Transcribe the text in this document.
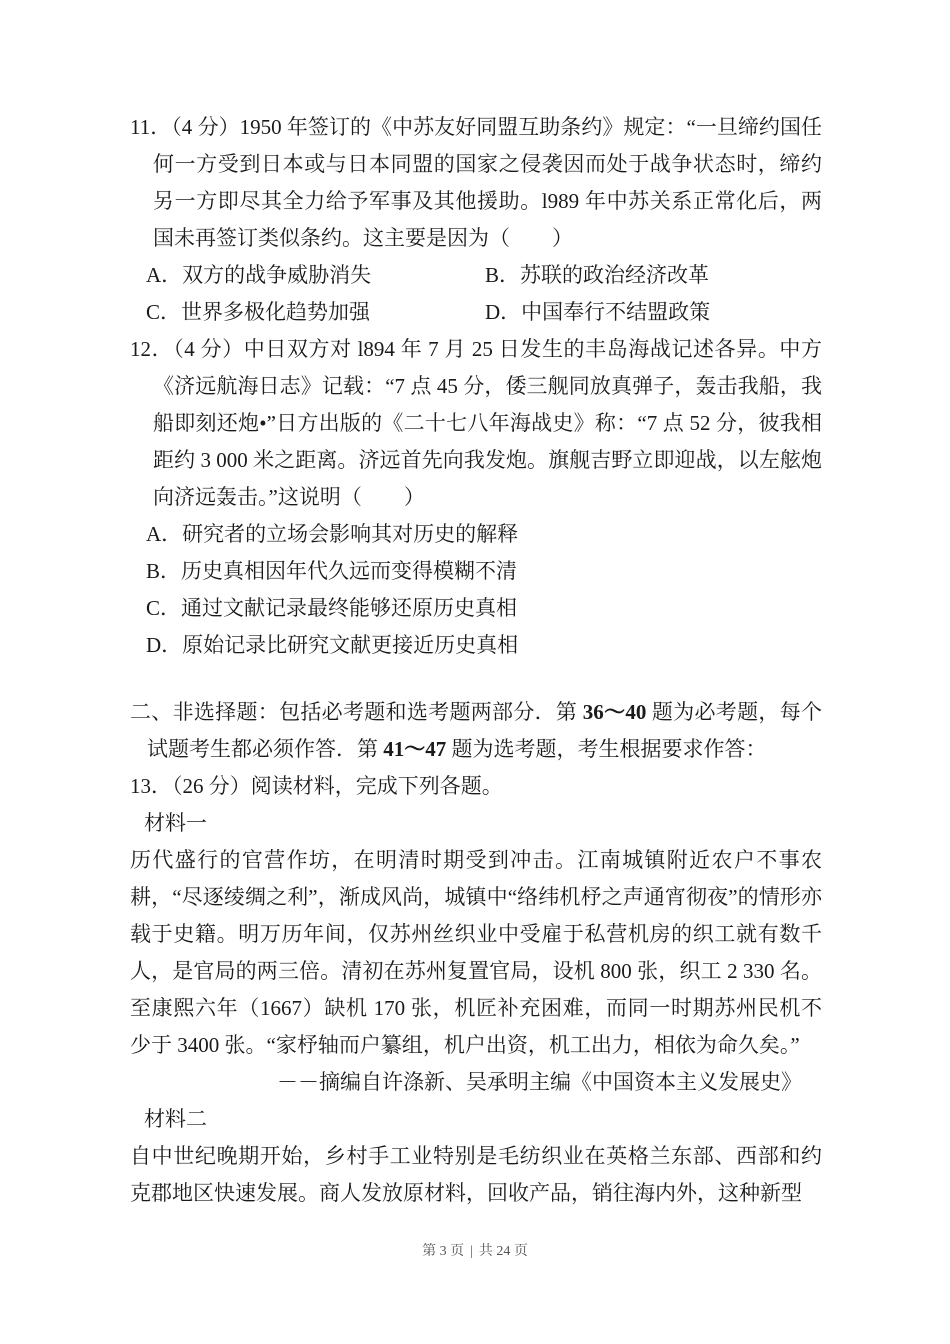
11．（4 分）1950 年签订的《中苏友好同盟互助条约》规定：“一旦缔约国任何一方受到日本或与日本同盟的国家之侵袭因而处于战争状态时，缔约另一方即尽其全力给予军事及其他援助。l989 年中苏关系正常化后，两国未再签订类似条约。这主要是因为（　　）

A．双方的战争威胁消失	B．苏联的政治经济改革
C．世界多极化趋势加强	D．中国奉行不结盟政策

12．（4 分）中日双方对 l894 年 7 月 25 日发生的丰岛海战记述各异。中方《济远航海日志》记载：“7 点 45 分，倭三舰同放真弹子，轰击我船，我船即刻还炮•”日方出版的《二十七八年海战史》称：“7 点 52 分，彼我相距约 3 000 米之距离。济远首先向我发炮。旗舰吉野立即迎战，以左舷炮向济远轰击。”这说明（　　）

A．研究者的立场会影响其对历史的解释
B．历史真相因年代久远而变得模糊不清
C．通过文献记录最终能够还原历史真相
D．原始记录比研究文献更接近历史真相

二、非选择题：包括必考题和选考题两部分．第 36～40 题为必考题，每个试题考生都必须作答．第 41～47 题为选考题，考生根据要求作答：

13．（26 分）阅读材料，完成下列各题。

材料一

历代盛行的官营作坊，在明清时期受到冲击。江南城镇附近农户不事农耕，“尽逐绫绸之利”，渐成风尚，城镇中“络纬机杼之声通宵彻夜”的情形亦载于史籍。明万历年间，仅苏州丝织业中受雇于私营机房的织工就有数千人，是官局的两三倍。清初在苏州复置官局，设机 800 张，织工 2 330 名。至康熙六年（1667）缺机 170 张，机匠补充困难，而同一时期苏州民机不少于 3400 张。“家杼轴而户纂组，机户出资，机工出力，相依为命久矣。”

－－摘编自许涤新、吴承明主编《中国资本主义发展史》

材料二

自中世纪晚期开始，乡村手工业特别是毛纺织业在英格兰东部、西部和约克郡地区快速发展。商人发放原材料，回收产品，销往海内外，这种新型

第 3 页 | 共 24 页
